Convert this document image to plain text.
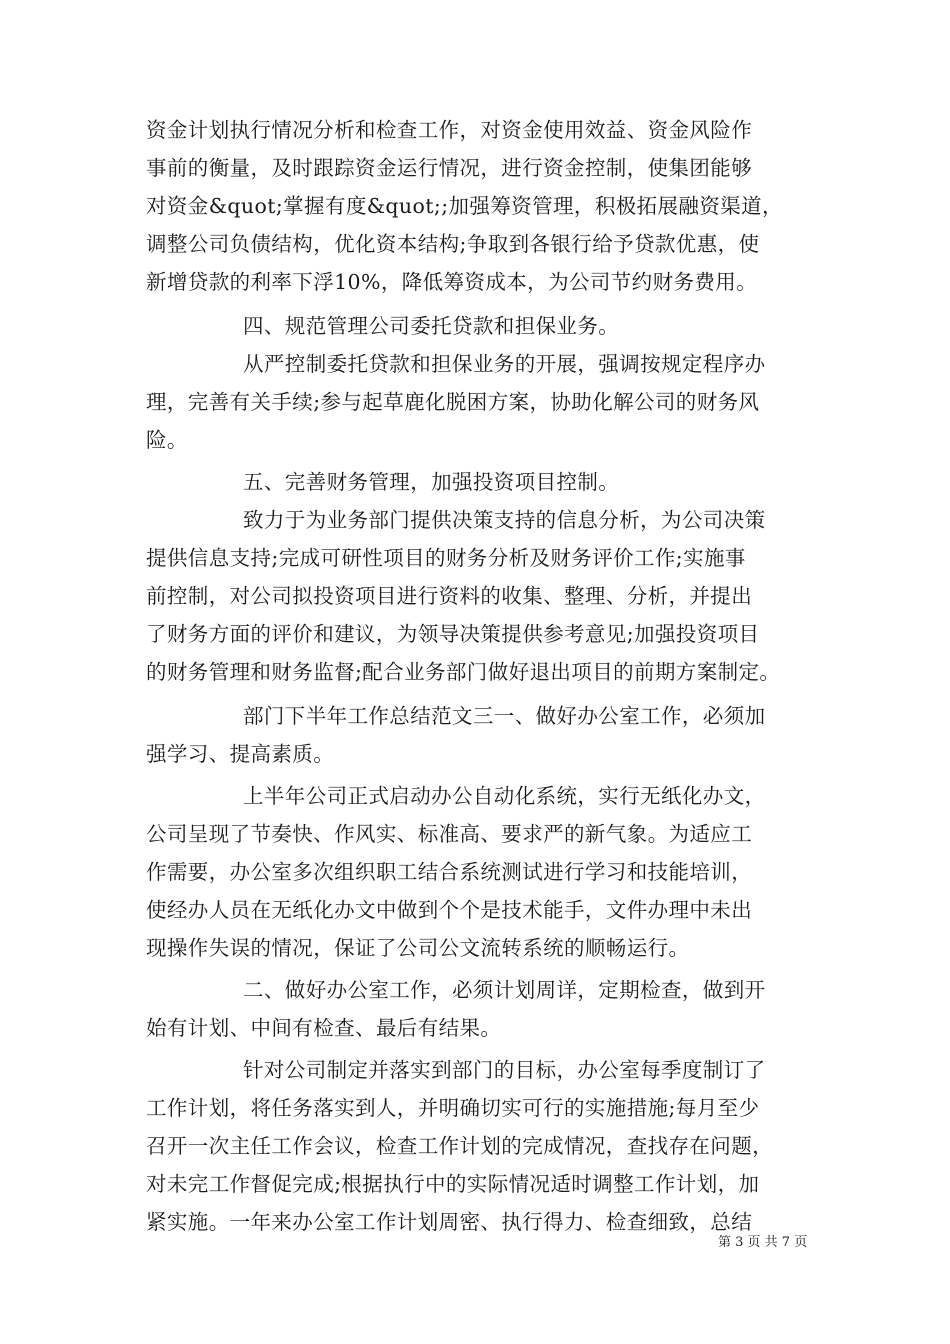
资金计划执行情况分析和检查工作，对资金使用效益、资金风险作
事前的衡量，及时跟踪资金运行情况，进行资金控制，使集团能够
对资金&quot;掌握有度&quot;;加强筹资管理，积极拓展融资渠道，
调整公司负债结构，优化资本结构;争取到各银行给予贷款优惠，使
新增贷款的利率下浮10%，降低筹资成本，为公司节约财务费用。
四、规范管理公司委托贷款和担保业务。
从严控制委托贷款和担保业务的开展，强调按规定程序办
理，完善有关手续;参与起草鹿化脱困方案，协助化解公司的财务风
险。
五、完善财务管理，加强投资项目控制。
致力于为业务部门提供决策支持的信息分析，为公司决策
提供信息支持;完成可研性项目的财务分析及财务评价工作;实施事
前控制，对公司拟投资项目进行资料的收集、整理、分析，并提出
了财务方面的评价和建议，为领导决策提供参考意见;加强投资项目
的财务管理和财务监督;配合业务部门做好退出项目的前期方案制定。
部门下半年工作总结范文三一、做好办公室工作，必须加
强学习、提高素质。
上半年公司正式启动办公自动化系统，实行无纸化办文，
公司呈现了节奏快、作风实、标准高、要求严的新气象。为适应工
作需要，办公室多次组织职工结合系统测试进行学习和技能培训，
使经办人员在无纸化办文中做到个个是技术能手，文件办理中未出
现操作失误的情况，保证了公司公文流转系统的顺畅运行。
二、做好办公室工作，必须计划周详，定期检查，做到开
始有计划、中间有检查、最后有结果。
针对公司制定并落实到部门的目标，办公室每季度制订了
工作计划，将任务落实到人，并明确切实可行的实施措施;每月至少
召开一次主任工作会议，检查工作计划的完成情况，查找存在问题，
对未完工作督促完成;根据执行中的实际情况适时调整工作计划，加
紧实施。一年来办公室工作计划周密、执行得力、检查细致，总结
第 3 页 共 7 页
